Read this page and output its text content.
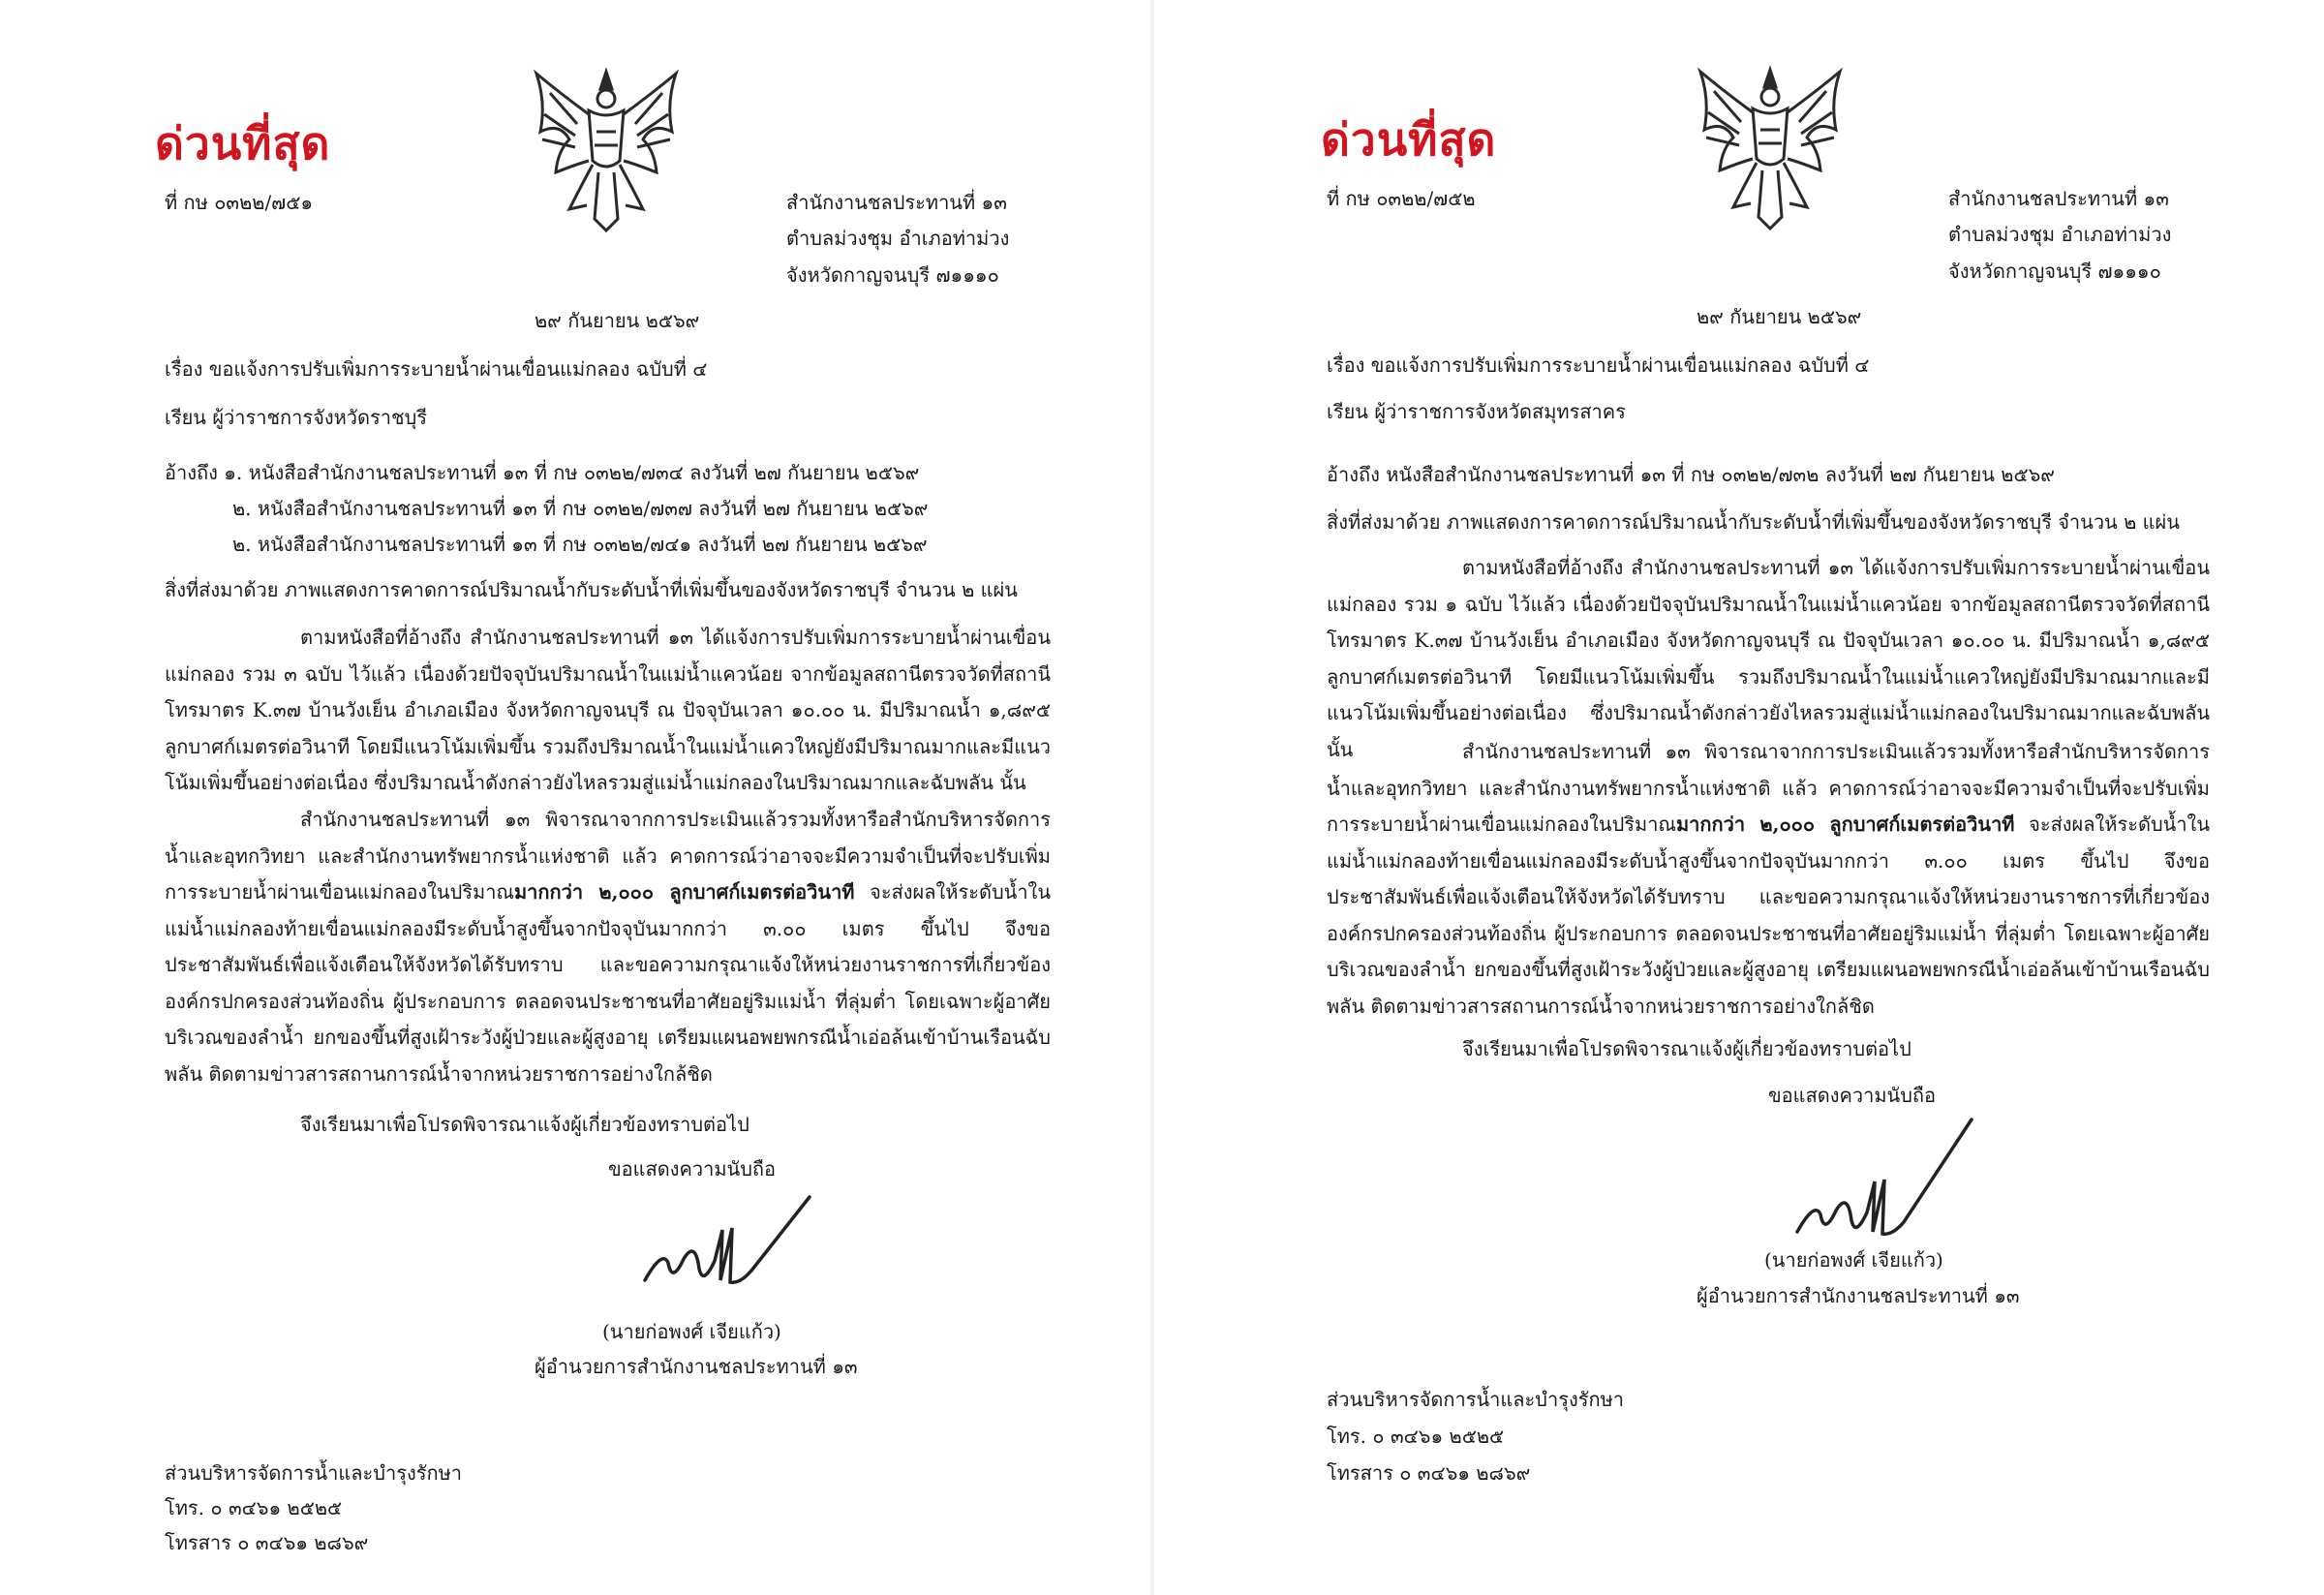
ด่วนที่สุด
ที่ กษ ๐๓๒๒/๗๕๑	สำนักงานชลประทานที่ ๑๓
ตำบลม่วงชุม อำเภอท่าม่วง
จังหวัดกาญจนบุรี ๗๑๑๑๐
๒๙ กันยายน ๒๕๖๙
เรื่อง ขอแจ้งการปรับเพิ่มการระบายน้ำผ่านเขื่อนแม่กลอง ฉบับที่ ๔
เรียน ผู้ว่าราชการจังหวัดราชบุรี
อ้างถึง ๑. หนังสือสำนักงานชลประทานที่ ๑๓ ที่ กษ ๐๓๒๒/๗๓๔ ลงวันที่ ๒๗ กันยายน ๒๕๖๙
๒. หนังสือสำนักงานชลประทานที่ ๑๓ ที่ กษ ๐๓๒๒/๗๓๗ ลงวันที่ ๒๗ กันยายน ๒๕๖๙
๒. หนังสือสำนักงานชลประทานที่ ๑๓ ที่ กษ ๐๓๒๒/๗๔๑ ลงวันที่ ๒๗ กันยายน ๒๕๖๙
สิ่งที่ส่งมาด้วย ภาพแสดงการคาดการณ์ปริมาณน้ำกับระดับน้ำที่เพิ่มขึ้นของจังหวัดราชบุรี จำนวน ๒ แผ่น
ตามหนังสือที่อ้างถึง สำนักงานชลประทานที่ ๑๓ ได้แจ้งการปรับเพิ่มการระบายน้ำผ่านเขื่อนแม่กลอง รวม ๓ ฉบับ ไว้แล้ว เนื่องด้วยปัจจุบันปริมาณน้ำในแม่น้ำแควน้อย จากข้อมูลสถานีตรวจวัดที่สถานีโทรมาตร K.๓๗ บ้านวังเย็น อำเภอเมือง จังหวัดกาญจนบุรี ณ ปัจจุบันเวลา ๑๐.๐๐ น. มีปริมาณน้ำ ๑,๘๙๕ ลูกบาศก์เมตรต่อวินาที โดยมีแนวโน้มเพิ่มขึ้น รวมถึงปริมาณน้ำในแม่น้ำแควใหญ่ยังมีปริมาณมากและมีแนวโน้มเพิ่มขึ้นอย่างต่อเนื่อง ซึ่งปริมาณน้ำดังกล่าวยังไหลรวมสู่แม่น้ำแม่กลองในปริมาณมากและฉับพลัน นั้น
สำนักงานชลประทานที่ ๑๓ พิจารณาจากการประเมินแล้วรวมทั้งหารือสำนักบริหารจัดการน้ำและอุทกวิทยา และสำนักงานทรัพยากรน้ำแห่งชาติ แล้ว คาดการณ์ว่าอาจจะมีความจำเป็นที่จะปรับเพิ่มการระบายน้ำผ่านเขื่อนแม่กลองในปริมาณมากกว่า ๒,๐๐๐ ลูกบาศก์เมตรต่อวินาที จะส่งผลให้ระดับน้ำในแม่น้ำแม่กลองท้ายเขื่อนแม่กลองมีระดับน้ำสูงขึ้นจากปัจจุบันมากกว่า ๓.๐๐ เมตร ขึ้นไป จึงขอประชาสัมพันธ์เพื่อแจ้งเตือนให้จังหวัดได้รับทราบ และขอความกรุณาแจ้งให้หน่วยงานราชการที่เกี่ยวข้ององค์กรปกครองส่วนท้องถิ่น ผู้ประกอบการ ตลอดจนประชาชนที่อาศัยอยู่ริมแม่น้ำ ที่ลุ่มต่ำ โดยเฉพาะผู้อาศัยบริเวณของลำน้ำ ยกของขึ้นที่สูงเฝ้าระวังผู้ป่วยและผู้สูงอายุ เตรียมแผนอพยพกรณีน้ำเอ่อล้นเข้าบ้านเรือนฉับพลัน ติดตามข่าวสารสถานการณ์น้ำจากหน่วยราชการอย่างใกล้ชิด
จึงเรียนมาเพื่อโปรดพิจารณาแจ้งผู้เกี่ยวข้องทราบต่อไป
ขอแสดงความนับถือ
(นายก่อพงศ์ เจียแก้ว)
ผู้อำนวยการสำนักงานชลประทานที่ ๑๓
ส่วนบริหารจัดการน้ำและบำรุงรักษา
โทร. ๐ ๓๔๖๑ ๒๕๒๕
โทรสาร ๐ ๓๔๖๑ ๒๘๖๙
ด่วนที่สุด
ที่ กษ ๐๓๒๒/๗๕๒	สำนักงานชลประทานที่ ๑๓
ตำบลม่วงชุม อำเภอท่าม่วง
จังหวัดกาญจนบุรี ๗๑๑๑๐
๒๙ กันยายน ๒๕๖๙
เรื่อง ขอแจ้งการปรับเพิ่มการระบายน้ำผ่านเขื่อนแม่กลอง ฉบับที่ ๔
เรียน ผู้ว่าราชการจังหวัดสมุทรสาคร
อ้างถึง หนังสือสำนักงานชลประทานที่ ๑๓ ที่ กษ ๐๓๒๒/๗๓๒ ลงวันที่ ๒๗ กันยายน ๒๕๖๙
สิ่งที่ส่งมาด้วย ภาพแสดงการคาดการณ์ปริมาณน้ำกับระดับน้ำที่เพิ่มขึ้นของจังหวัดราชบุรี จำนวน ๒ แผ่น
ตามหนังสือที่อ้างถึง สำนักงานชลประทานที่ ๑๓ ได้แจ้งการปรับเพิ่มการระบายน้ำผ่านเขื่อนแม่กลอง รวม ๑ ฉบับ ไว้แล้ว เนื่องด้วยปัจจุบันปริมาณน้ำในแม่น้ำแควน้อย จากข้อมูลสถานีตรวจวัดที่สถานีโทรมาตร K.๓๗ บ้านวังเย็น อำเภอเมือง จังหวัดกาญจนบุรี ณ ปัจจุบันเวลา ๑๐.๐๐ น. มีปริมาณน้ำ ๑,๘๙๕ ลูกบาศก์เมตรต่อวินาที โดยมีแนวโน้มเพิ่มขึ้น รวมถึงปริมาณน้ำในแม่น้ำแควใหญ่ยังมีปริมาณมากและมีแนวโน้มเพิ่มขึ้นอย่างต่อเนื่อง ซึ่งปริมาณน้ำดังกล่าวยังไหลรวมสู่แม่น้ำแม่กลองในปริมาณมากและฉับพลัน นั้น	สำนักงานชลประทานที่ ๑๓ พิจารณาจากการประเมินแล้วรวมทั้งหารือสำนักบริหารจัดการน้ำและอุทกวิทยา และสำนักงานทรัพยากรน้ำแห่งชาติ แล้ว คาดการณ์ว่าอาจจะมีความจำเป็นที่จะปรับเพิ่มการระบายน้ำผ่านเขื่อนแม่กลองในปริมาณมากกว่า ๒,๐๐๐ ลูกบาศก์เมตรต่อวินาที จะส่งผลให้ระดับน้ำในแม่น้ำแม่กลองท้ายเขื่อนแม่กลองมีระดับน้ำสูงขึ้นจากปัจจุบันมากกว่า ๓.๐๐ เมตร ขึ้นไป จึงขอประชาสัมพันธ์เพื่อแจ้งเตือนให้จังหวัดได้รับทราบ และขอความกรุณาแจ้งให้หน่วยงานราชการที่เกี่ยวข้ององค์กรปกครองส่วนท้องถิ่น ผู้ประกอบการ ตลอดจนประชาชนที่อาศัยอยู่ริมแม่น้ำ ที่ลุ่มต่ำ โดยเฉพาะผู้อาศัยบริเวณของลำน้ำ ยกของขึ้นที่สูงเฝ้าระวังผู้ป่วยและผู้สูงอายุ เตรียมแผนอพยพกรณีน้ำเอ่อล้นเข้าบ้านเรือนฉับพลัน ติดตามข่าวสารสถานการณ์น้ำจากหน่วยราชการอย่างใกล้ชิด
จึงเรียนมาเพื่อโปรดพิจารณาแจ้งผู้เกี่ยวข้องทราบต่อไป
ขอแสดงความนับถือ
(นายก่อพงศ์ เจียแก้ว)
ผู้อำนวยการสำนักงานชลประทานที่ ๑๓
ส่วนบริหารจัดการน้ำและบำรุงรักษา
โทร. ๐ ๓๔๖๑ ๒๕๒๕
โทรสาร ๐ ๓๔๖๑ ๒๘๖๙
